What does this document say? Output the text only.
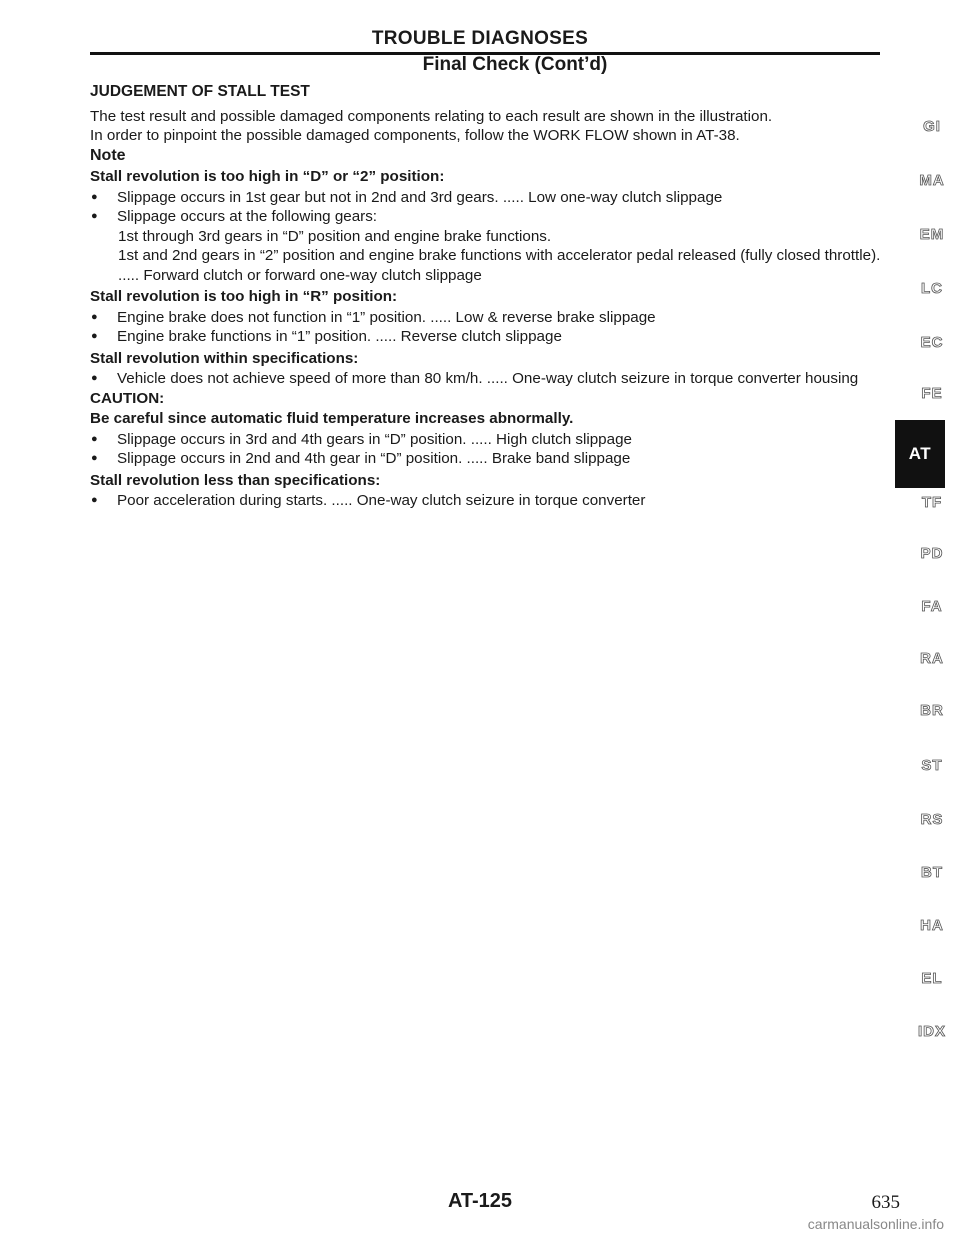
TROUBLE DIAGNOSES
Final Check (Cont’d)
JUDGEMENT OF STALL TEST

The test result and possible damaged components relating to each result are shown in the illustration.

In order to pinpoint the possible damaged components, follow the WORK FLOW shown in AT-38.

Note
Stall revolution is too high in “D” or “2” position:
●	Slippage occurs in 1st gear but not in 2nd and 3rd gears. ..... Low one-way clutch slippage
●	Slippage occurs at the following gears:

1st through 3rd gears in “D” position and engine brake functions.

1st and 2nd gears in “2” position and engine brake functions with accelerator pedal released (fully closed throttle). ..... Forward clutch or forward one-way clutch slippage

Stall revolution is too high in “R” position:
●	Engine brake does not function in “1” position. ..... Low & reverse brake slippage
●	Engine brake functions in “1” position. ..... Reverse clutch slippage
Stall revolution within specifications:
●	Vehicle does not achieve speed of more than 80 km/h. ..... One-way clutch seizure in torque converter housing
CAUTION:
Be careful since automatic fluid temperature increases abnormally.
●	Slippage occurs in 3rd and 4th gears in “D” position. ..... High clutch slippage
●	Slippage occurs in 2nd and 4th gear in “D” position. ..... Brake band slippage
Stall revolution less than specifications:
●	Poor acceleration during starts. ..... One-way clutch seizure in torque converter
GI
MA
EM
LC
EC
FE
AT
TF
PD
FA
RA
BR
ST
RS
BT
HA
EL
IDX
AT-125	635
carmanualsonline.info
